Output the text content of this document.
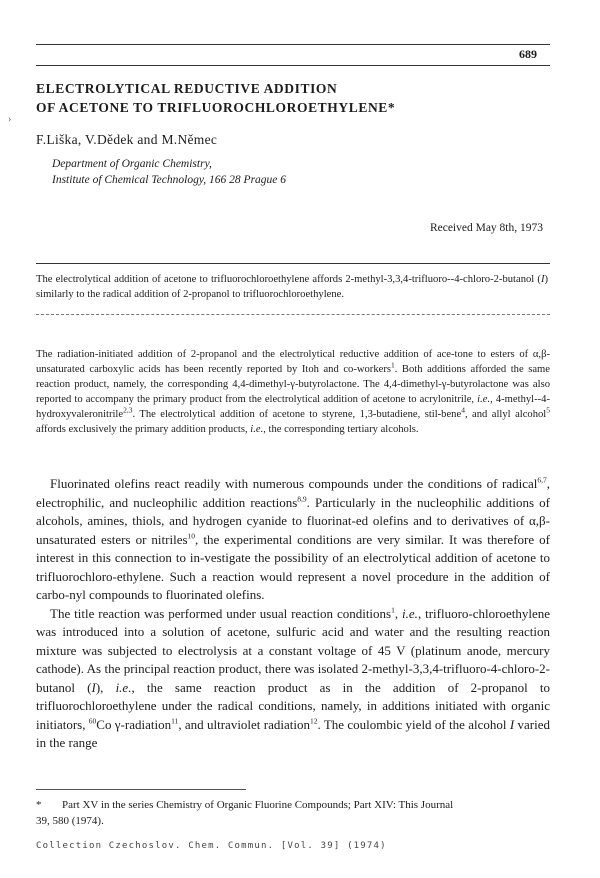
689
›
ELECTROLYTICAL REDUCTIVE ADDITION
OF ACETONE TO TRIFLUOROCHLOROETHYLENE*
F.Liška, V.Dědek and M.Němec
Department of Organic Chemistry,
Institute of Chemical Technology, 166 28 Prague 6
Received May 8th, 1973
The electrolytical addition of acetone to trifluorochloroethylene affords 2-methyl-3,3,4-trifluoro--4-chloro-2-butanol (I) similarly to the radical addition of 2-propanol to trifluorochloroethylene.
The radiation-initiated addition of 2-propanol and the electrolytical reductive addition of ace-tone to esters of α,β-unsaturated carboxylic acids has been recently reported by Itoh and co-workers$^1$. Both additions afforded the same reaction product, namely, the corresponding 4,4-dimethyl-γ-butyrolactone. The 4,4-dimethyl-γ-butyrolactone was also reported to accompany the primary product from the electrolytical addition of acetone to acrylonitrile, i.e., 4-methyl--4-hydroxyvaleronitrile$^{2,3}$. The electrolytical addition of acetone to styrene, 1,3-butadiene, stil-bene$^4$, and allyl alcohol$^5$ affords exclusively the primary addition products, i.e., the corresponding tertiary alcohols.

Fluorinated olefins react readily with numerous compounds under the conditions of radical$^{6,7}$, electrophilic, and nucleophilic addition reactions$^{8,9}$. Particularly in the nucleophilic additions of alcohols, amines, thiols, and hydrogen cyanide to fluorinat-ed olefins and to derivatives of α,β-unsaturated esters or nitriles$^{10}$, the experimental conditions are very similar. It was therefore of interest in this connection to in-vestigate the possibility of an electrolytical addition of acetone to trifluorochloro-ethylene. Such a reaction would represent a novel procedure in the addition of carbo-nyl compounds to fluorinated olefins.

The title reaction was performed under usual reaction conditions$^1$, i.e., trifluoro-chloroethylene was introduced into a solution of acetone, sulfuric acid and water and the resulting reaction mixture was subjected to electrolysis at a constant voltage of 45 V (platinum anode, mercury cathode). As the principal reaction product, there was isolated 2-methyl-3,3,4-trifluoro-4-chloro-2-butanol (I), i.e., the same reaction product as in the addition of 2-propanol to trifluorochloroethylene under the radical conditions, namely, in additions initiated with organic initiators, $^{60}$Co γ-radiation$^{11}$, and ultraviolet radiation$^{12}$. The coulombic yield of the alcohol I varied in the range

* Part XV in the series Chemistry of Organic Fluorine Compounds; Part XIV: This Journal
39, 580 (1974).
Collection Czechoslov. Chem. Commun. [Vol. 39] (1974)
